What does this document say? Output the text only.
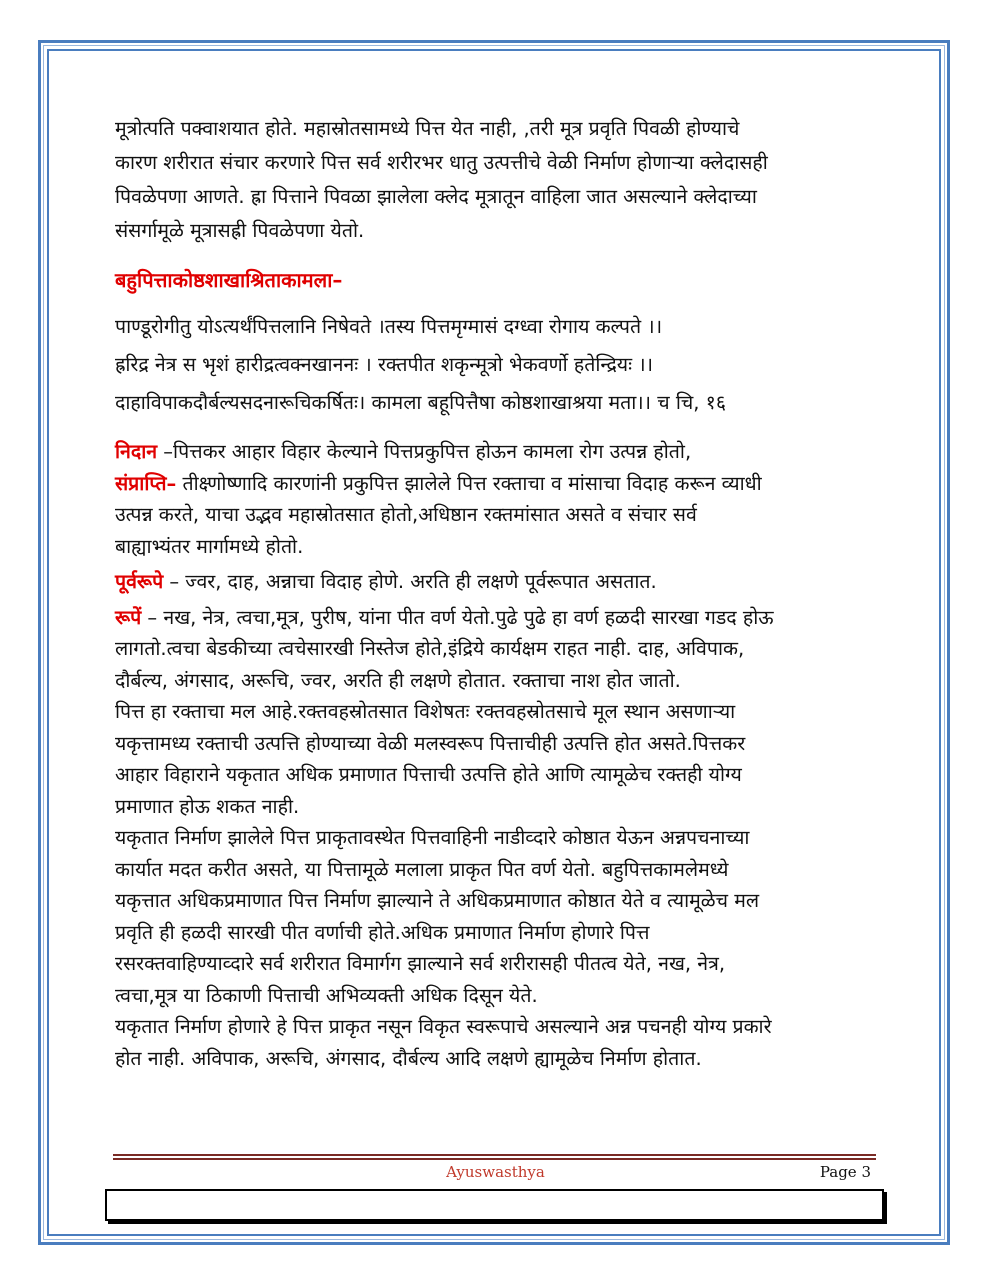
मूत्रोत्पति पक्वाशयात होते. महास्रोतसामध्ये पित्त येत नाही, ,तरी मूत्र प्रवृति पिवळी होण्याचे

कारण शरीरात संचार करणारे पित्त सर्व शरीरभर धातु उत्पत्तीचे वेळी निर्माण होणाऱ्या क्लेदासही

पिवळेपणा आणते. ह्रा पित्ताने पिवळा झालेला क्लेद मूत्रातून वाहिला जात असल्याने क्लेदाच्या

संसर्गामूळे मूत्रासह्री पिवळेपणा येतो.

बहुपित्ताकोष्ठशाखाश्रिताकामला–

पाण्डूरोगीतु योऽत्यर्थंपित्तलानि निषेवते ।तस्य पित्तमृग्मासं दग्ध्वा रोगाय कल्पते ।।

ह्ररिद्र नेत्र स भृशं हारीद्रत्वक्नखाननः । रक्तपीत शकृन्मूत्रो भेकवर्णो हतेन्द्रियः ।।

दाहाविपाकदौर्बल्यसदनारूचिकर्षितः। कामला बहूपित्तैषा कोष्ठशाखाश्रया मता।। च चि, १६

निदान –पित्तकर आहार विहार केल्याने पित्तप्रकुपित्त होऊन कामला रोग उत्पन्न होतो,

संप्राप्ति– तीक्ष्णोष्णादि कारणांनी प्रकुपित्त झालेले पित्त रक्ताचा व मांसाचा विदाह करून व्याधी

उत्पन्न करते, याचा उद्भव महास्रोतसात होतो,अधिष्ठान रक्तमांसात असते व संचार सर्व

बाह्याभ्यंतर मार्गामध्ये होतो.

पूर्वरूपे – ज्वर, दाह, अन्नाचा विदाह होणे. अरति ही लक्षणे पूर्वरूपात असतात.

रूपें – नख, नेत्र, त्वचा,मूत्र, पुरीष, यांना पीत वर्ण येतो.पुढे पुढे हा वर्ण हळदी सारखा गडद होऊ

लागतो.त्वचा बेडकीच्या त्वचेसारखी निस्तेज होते,इंद्रिये कार्यक्षम राहत नाही. दाह, अविपाक,

दौर्बल्य, अंगसाद, अरूचि, ज्वर, अरति ही लक्षणे होतात. रक्ताचा नाश होत जातो.

पित्त हा रक्ताचा मल आहे.रक्तवहस्रोतसात विशेषतः रक्तवहस्रोतसाचे मूल स्थान असणाऱ्या

यकृत्तामध्य रक्ताची उत्पत्ति होण्याच्या वेळी मलस्वरूप पित्ताचीही उत्पत्ति होत असते.पित्तकर

आहार विहाराने यकृतात अधिक प्रमाणात पित्ताची उत्पत्ति होते आणि त्यामूळेच रक्तही योग्य

प्रमाणात होऊ शकत नाही.

यकृतात निर्माण झालेले पित्त प्राकृतावस्थेत पित्तवाहिनी नाडीव्दारे कोष्ठात येऊन अन्नपचनाच्या

कार्यात मदत करीत असते, या पित्तामूळे मलाला प्राकृत पित वर्ण येतो. बहुपित्तकामलेमध्ये

यकृत्तात अधिकप्रमाणात पित्त निर्माण झाल्याने ते अधिकप्रमाणात कोष्ठात येते व त्यामूळेच मल

प्रवृति ही हळदी सारखी पीत वर्णाची होते.अधिक प्रमाणात निर्माण होणारे पित्त

रसरक्तवाहिण्याव्दारे सर्व शरीरात विमार्गग झाल्याने सर्व शरीरासही पीतत्व येते, नख, नेत्र,

त्वचा,मूत्र या ठिकाणी पित्ताची अभिव्यक्ती अधिक दिसून येते.

यकृतात निर्माण होणारे हे पित्त प्राकृत नसून विकृत स्वरूपाचे असल्याने अन्न पचनही योग्य प्रकारे

होत नाही. अविपाक, अरूचि, अंगसाद, दौर्बल्य आदि लक्षणे ह्यामूळेच निर्माण होतात.

Ayuswasthya	Page 3
